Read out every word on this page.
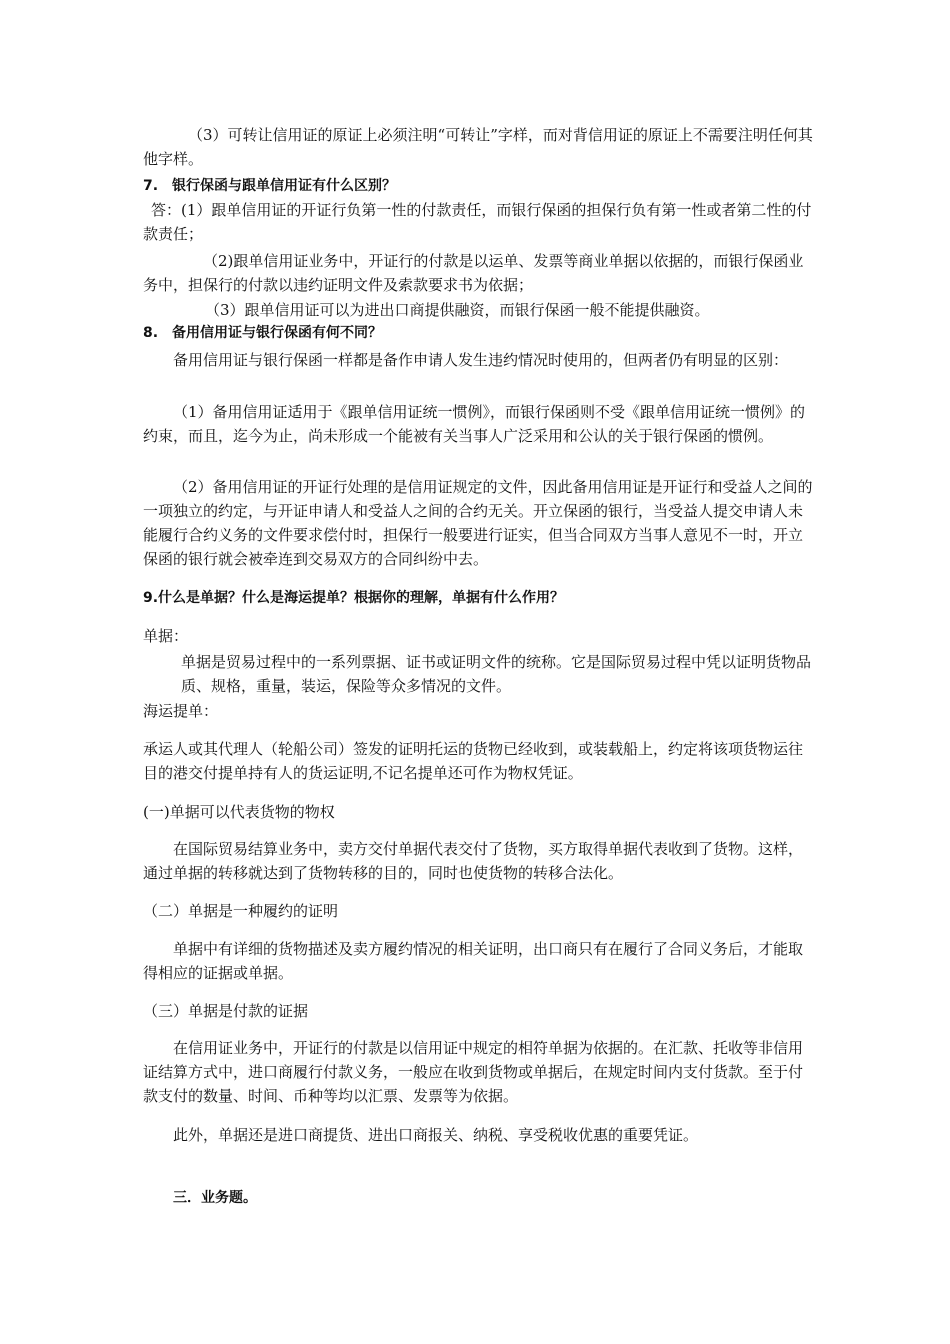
（3）可转让信用证的原证上必须注明“可转让”字样，而对背信用证的原证上不需要注明任何其他字样。

7.　银行保函与跟单信用证有什么区别？

答：(1）跟单信用证的开证行负第一性的付款责任，而银行保函的担保行负有第一性或者第二性的付款责任；

（2)跟单信用证业务中，开证行的付款是以运单、发票等商业单据以依据的，而银行保函业务中，担保行的付款以违约证明文件及索款要求书为依据；

（3）跟单信用证可以为进出口商提供融资，而银行保函一般不能提供融资。

8.　备用信用证与银行保函有何不同？

备用信用证与银行保函一样都是备作申请人发生违约情况时使用的，但两者仍有明显的区别：

（1）备用信用证适用于《跟单信用证统一惯例》，而银行保函则不受《跟单信用证统一惯例》的约束，而且，迄今为止，尚未形成一个能被有关当事人广泛采用和公认的关于银行保函的惯例。

（2）备用信用证的开证行处理的是信用证规定的文件，因此备用信用证是开证行和受益人之间的一项独立的约定，与开证申请人和受益人之间的合约无关。开立保函的银行，当受益人提交申请人未能履行合约义务的文件要求偿付时，担保行一般要进行证实，但当合同双方当事人意见不一时，开立保函的银行就会被牵连到交易双方的合同纠纷中去。

9.什么是单据？什么是海运提单？根据你的理解，单据有什么作用？

单据：

单据是贸易过程中的一系列票据、证书或证明文件的统称。它是国际贸易过程中凭以证明货物品质、规格，重量，装运，保险等众多情况的文件。

海运提单：

承运人或其代理人（轮船公司）签发的证明托运的货物已经收到，或装载船上，约定将该项货物运往目的港交付提单持有人的货运证明,不记名提单还可作为物权凭证。

(一)单据可以代表货物的物权

在国际贸易结算业务中，卖方交付单据代表交付了货物，买方取得单据代表收到了货物。这样，通过单据的转移就达到了货物转移的目的，同时也使货物的转移合法化。

（二）单据是一种履约的证明

单据中有详细的货物描述及卖方履约情况的相关证明，出口商只有在履行了合同义务后，才能取得相应的证据或单据。

（三）单据是付款的证据

在信用证业务中，开证行的付款是以信用证中规定的相符单据为依据的。在汇款、托收等非信用证结算方式中，进口商履行付款义务，一般应在收到货物或单据后，在规定时间内支付货款。至于付款支付的数量、时间、币种等均以汇票、发票等为依据。

此外，单据还是进口商提货、进出口商报关、纳税、享受税收优惠的重要凭证。

三．业务题。
